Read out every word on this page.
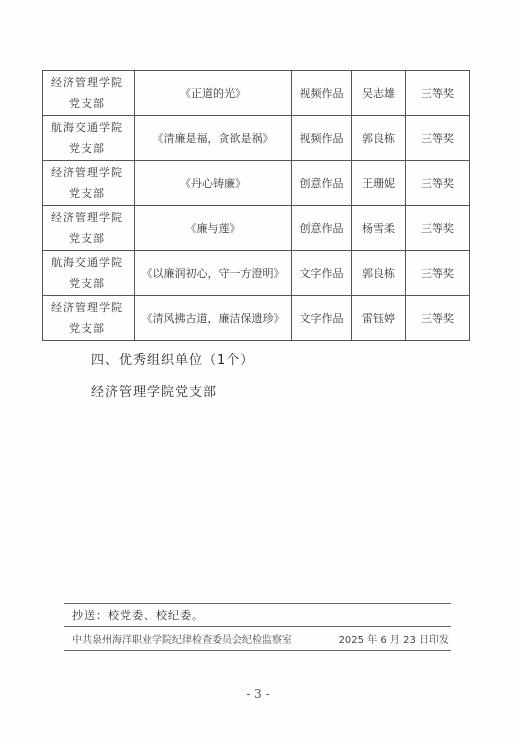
经济管理学院
党支部	《正道的光》	视频作品	吴志雄	三等奖

航海交通学院
党支部	《清廉是福，贪欲是祸》	视频作品	郭良栋	三等奖

经济管理学院
党支部	《丹心铸廉》	创意作品	王珊妮	三等奖

经济管理学院
党支部	《廉与莲》	创意作品	杨雪柔	三等奖

航海交通学院
党支部	《以廉润初心，守一方澄明》	文字作品	郭良栋	三等奖

经济管理学院
党支部	《清风拂古道，廉洁保遗珍》	文字作品	雷钰婷	三等奖
四、优秀组织单位（1个）
经济管理学院党支部
抄送：校党委、校纪委。
中共泉州海洋职业学院纪律检查委员会纪检监察室	2025 年 6 月 23 日印发
- 3 -
